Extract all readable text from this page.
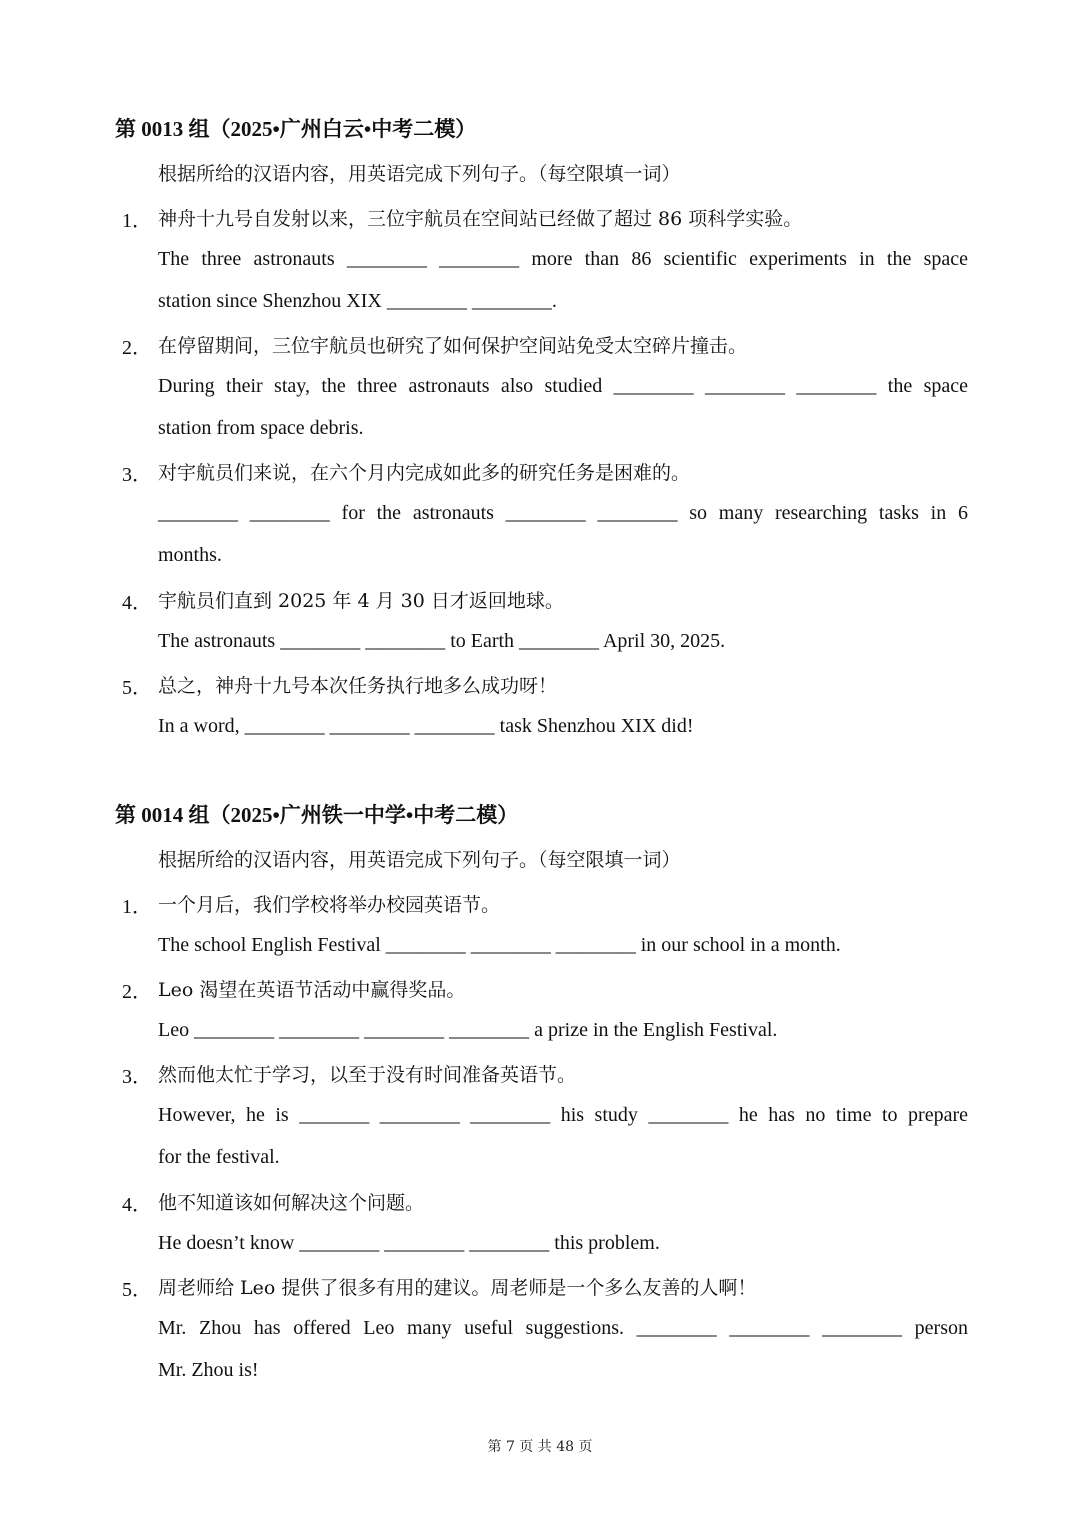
第 0013 组（2025•广州白云•中考二模）
根据所给的汉语内容，用英语完成下列句子。（每空限填一词）
1． 神舟十九号自发射以来，三位宇航员在空间站已经做了超过 86 项科学实验。
The three astronauts ________ ________ more than 86 scientific experiments in the space
station since Shenzhou XIX ________ ________.
2． 在停留期间，三位宇航员也研究了如何保护空间站免受太空碎片撞击。
During their stay, the three astronauts also studied ________ ________ ________ the space
station from space debris.
3． 对宇航员们来说，在六个月内完成如此多的研究任务是困难的。
________ ________ for the astronauts ________ ________ so many researching tasks in 6
months.
4． 宇航员们直到 2025 年 4 月 30 日才返回地球。
The astronauts ________ ________ to Earth ________ April 30, 2025.
5． 总之，神舟十九号本次任务执行地多么成功呀！
In a word, ________ ________ ________ task Shenzhou XIX did!
第 0014 组（2025•广州铁一中学•中考二模）
根据所给的汉语内容，用英语完成下列句子。（每空限填一词）
1． 一个月后，我们学校将举办校园英语节。
The school English Festival ________ ________ ________ in our school in a month.
2． Leo 渴望在英语节活动中赢得奖品。
Leo ________ ________ ________ ________ a prize in the English Festival.
3． 然而他太忙于学习，以至于没有时间准备英语节。
However, he is _______ ________ ________ his study ________ he has no time to prepare
for the festival.
4． 他不知道该如何解决这个问题。
He doesn’t know ________ ________ ________ this problem.
5． 周老师给 Leo 提供了很多有用的建议。周老师是一个多么友善的人啊！
Mr. Zhou has offered Leo many useful suggestions. ________ ________ ________ person
Mr. Zhou is!
第 7 页 共 48 页
